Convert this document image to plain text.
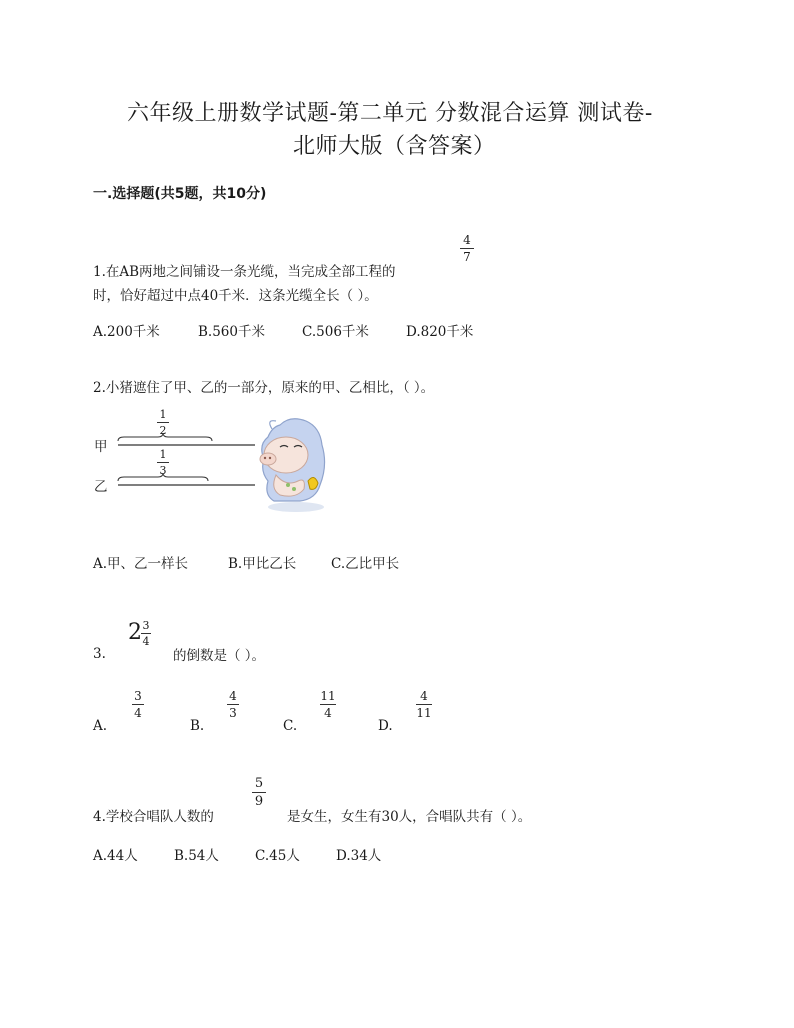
六年级上册数学试题-第二单元 分数混合运算 测试卷-
北师大版（含答案）
一.选择题(共5题，共10分)
4
7
1.在AB两地之间铺设一条光缆，当完成全部工程的
时，恰好超过中点40千米．这条光缆全长（ ）。
A.200千米	B.560千米	C.506千米	D.820千米
2.小猪遮住了甲、乙的一部分，原来的甲、乙相比，（ ）。
甲
乙
1
2
1
3
A.甲、乙一样长	B.甲比乙长	C.乙比甲长
3.
2 3
4
的倒数是（ ）。
A.
3
4
B.
4
3
C.
11
4
D.
4
11
4.学校合唱队人数的
5
9
是女生，女生有30人，合唱队共有（ ）。
A.44人	B.54人	C.45人	D.34人
